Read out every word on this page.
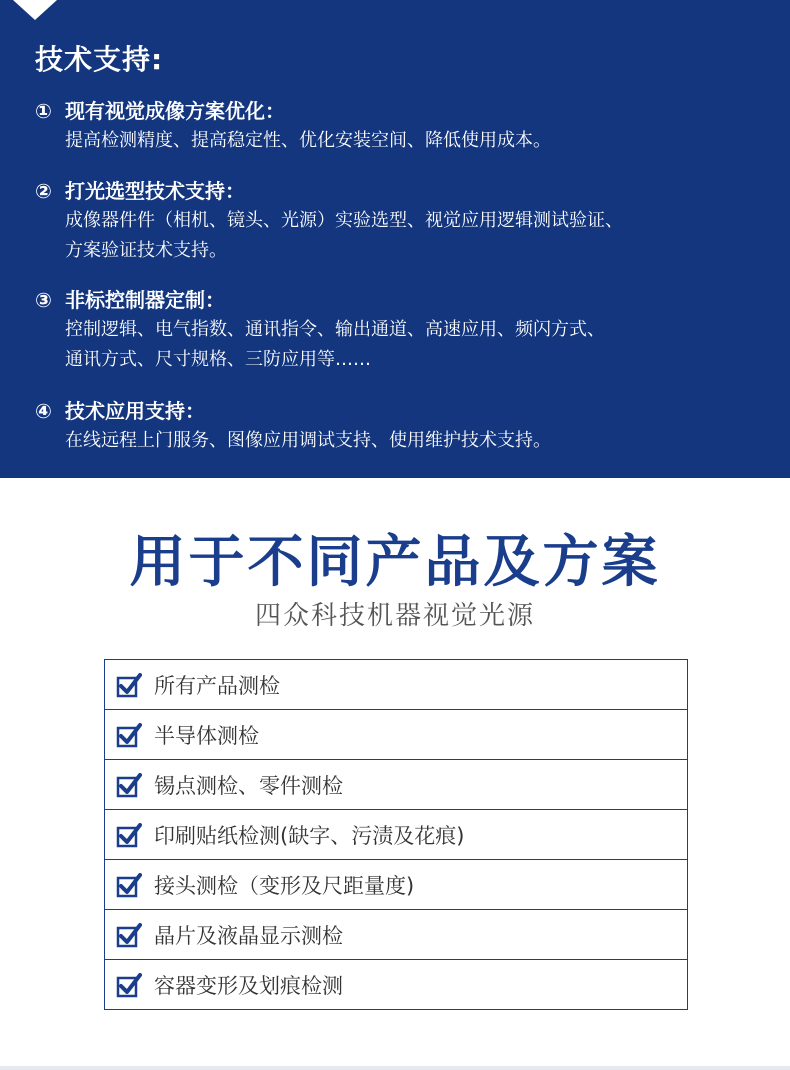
技术支持:
① 现有视觉成像方案优化：
提高检测精度、提高稳定性、优化安装空间、降低使用成本。
② 打光选型技术支持：
成像器件件（相机、镜头、光源）实验选型、视觉应用逻辑测试验证、
方案验证技术支持。
③ 非标控制器定制：
控制逻辑、电气指数、通讯指令、输出通道、高速应用、频闪方式、
通讯方式、尺寸规格、三防应用等……
④ 技术应用支持：
在线远程上门服务、图像应用调试支持、使用维护技术支持。
用于不同产品及方案
四众科技机器视觉光源
所有产品测检
半导体测检
锡点测检、零件测检
印刷贴纸检测(缺字、污渍及花痕)
接头测检（变形及尺距量度)
晶片及液晶显示测检
容器变形及划痕检测
